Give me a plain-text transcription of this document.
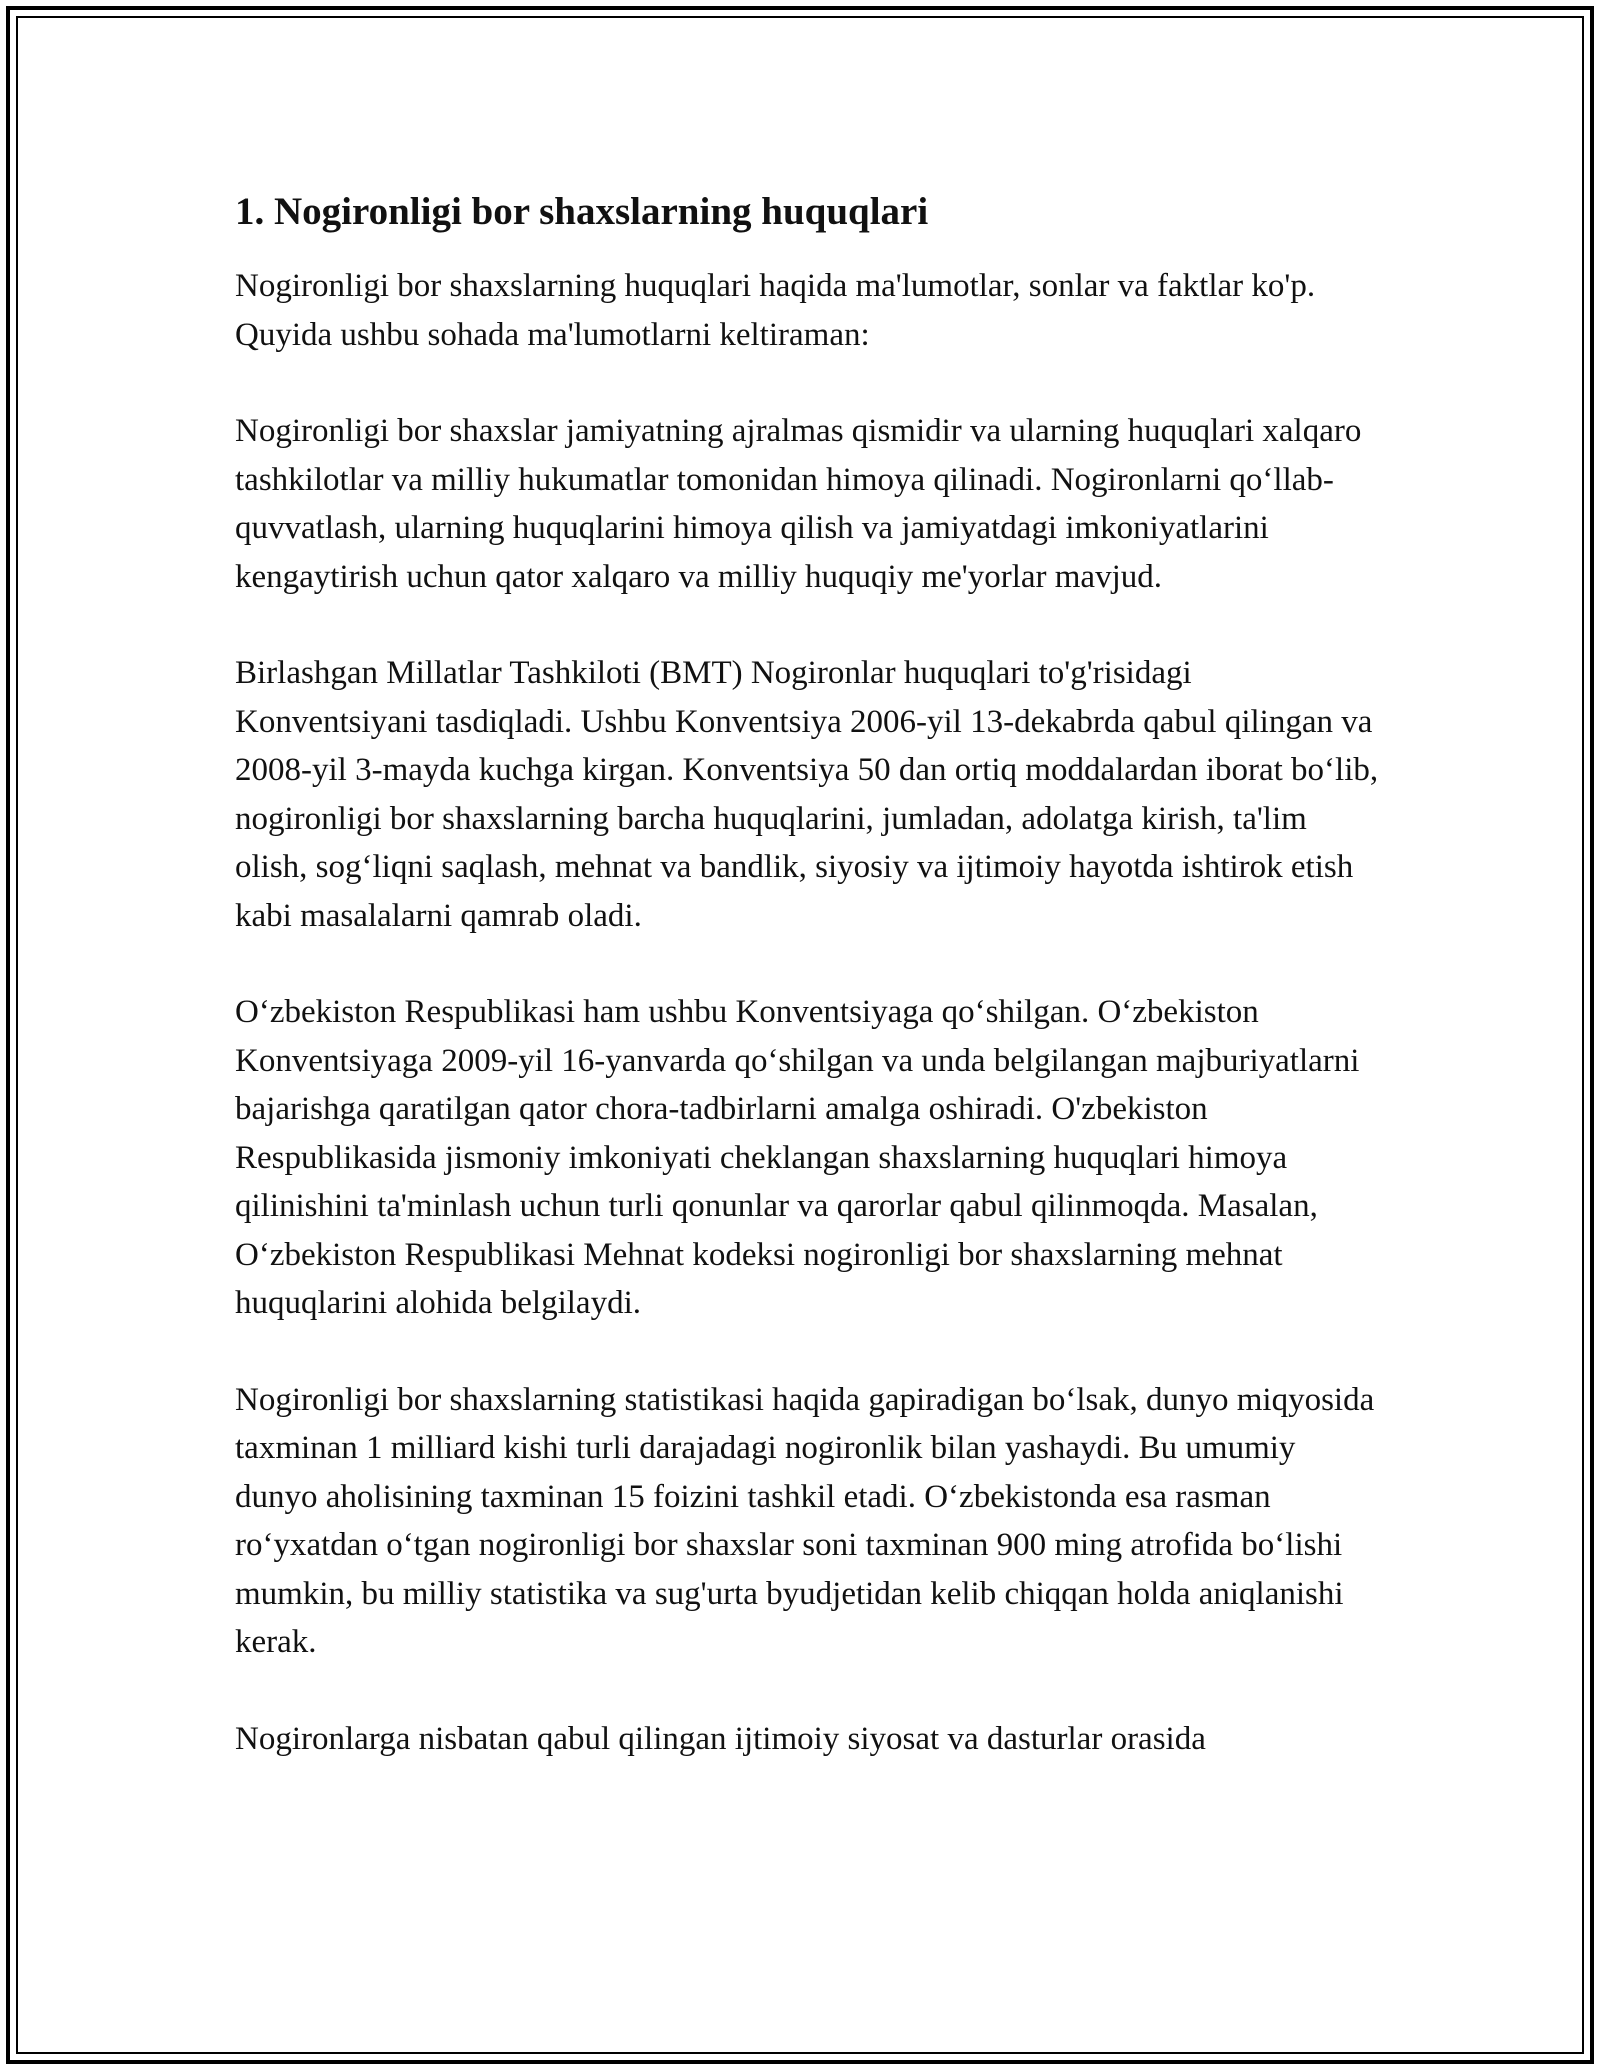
1. Nogironligi bor shaxslarning huquqlari

Nogironligi bor shaxslarning huquqlari haqida ma'lumotlar, sonlar va faktlar ko'p. Quyida ushbu sohada ma'lumotlarni keltiraman:

Nogironligi bor shaxslar jamiyatning ajralmas qismidir va ularning huquqlari xalqaro tashkilotlar va milliy hukumatlar tomonidan himoya qilinadi. Nogironlarni qo‘llab-quvvatlash, ularning huquqlarini himoya qilish va jamiyatdagi imkoniyatlarini kengaytirish uchun qator xalqaro va milliy huquqiy me'yorlar mavjud.

Birlashgan Millatlar Tashkiloti (BMT) Nogironlar huquqlari to'g'risidagi Konventsiyani tasdiqladi. Ushbu Konventsiya 2006-yil 13-dekabrda qabul qilingan va 2008-yil 3-mayda kuchga kirgan. Konventsiya 50 dan ortiq moddalardan iborat bo‘lib, nogironligi bor shaxslarning barcha huquqlarini, jumladan, adolatga kirish, ta'lim olish, sog‘liqni saqlash, mehnat va bandlik, siyosiy va ijtimoiy hayotda ishtirok etish kabi masalalarni qamrab oladi.

O‘zbekiston Respublikasi ham ushbu Konventsiyaga qo‘shilgan. O‘zbekiston Konventsiyaga 2009-yil 16-yanvarda qo‘shilgan va unda belgilangan majburiyatlarni bajarishga qaratilgan qator chora-tadbirlarni amalga oshiradi. O'zbekiston Respublikasida jismoniy imkoniyati cheklangan shaxslarning huquqlari himoya qilinishini ta'minlash uchun turli qonunlar va qarorlar qabul qilinmoqda. Masalan, O‘zbekiston Respublikasi Mehnat kodeksi nogironligi bor shaxslarning mehnat huquqlarini alohida belgilaydi.

Nogironligi bor shaxslarning statistikasi haqida gapiradigan bo‘lsak, dunyo miqyosida taxminan 1 milliard kishi turli darajadagi nogironlik bilan yashaydi. Bu umumiy dunyo aholisining taxminan 15 foizini tashkil etadi. O‘zbekistonda esa rasman ro‘yxatdan o‘tgan nogironligi bor shaxslar soni taxminan 900 ming atrofida bo‘lishi mumkin, bu milliy statistika va sug'urta byudjetidan kelib chiqqan holda aniqlanishi kerak.

Nogironlarga nisbatan qabul qilingan ijtimoiy siyosat va dasturlar orasida
